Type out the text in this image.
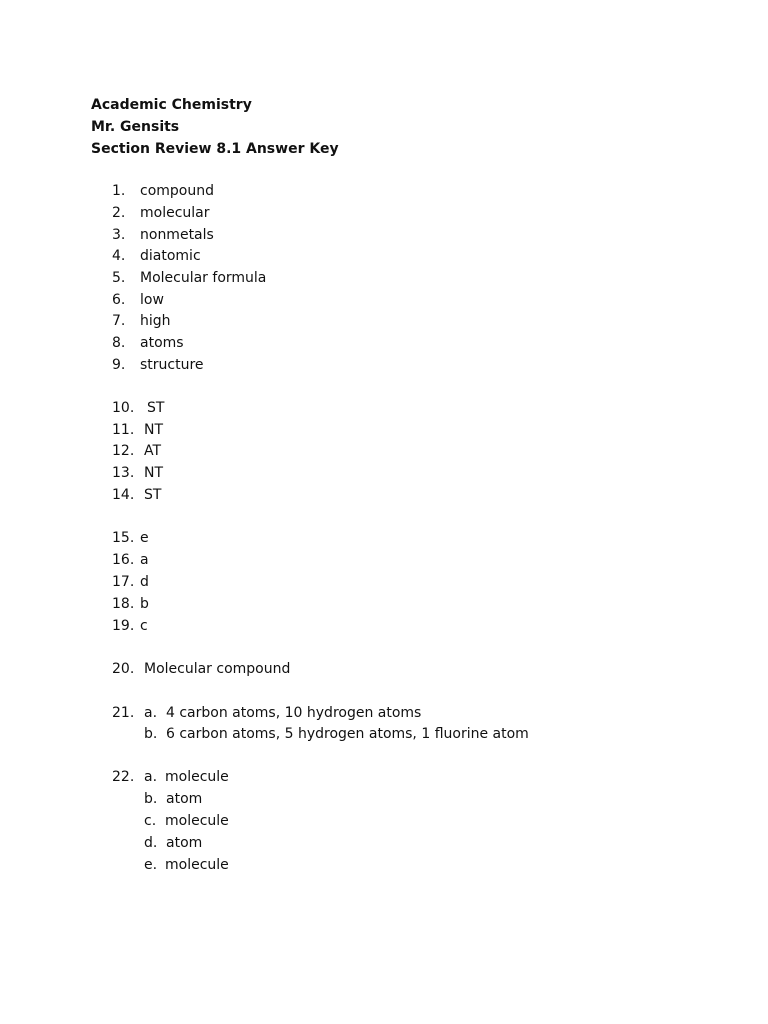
Academic Chemistry
Mr. Gensits
Section Review 8.1 Answer Key
1. compound
2. molecular
3. nonmetals
4. diatomic
5. Molecular formula
6. low
7. high
8. atoms
9. structure
10. ST
11. NT
12. AT
13. NT
14. ST
15. e
16. a
17. d
18. b
19. c
20. Molecular compound
21. a. 4 carbon atoms, 10 hydrogen atoms
b. 6 carbon atoms, 5 hydrogen atoms, 1 fluorine atom
22. a. molecule
b. atom
c. molecule
d. atom
e. molecule
